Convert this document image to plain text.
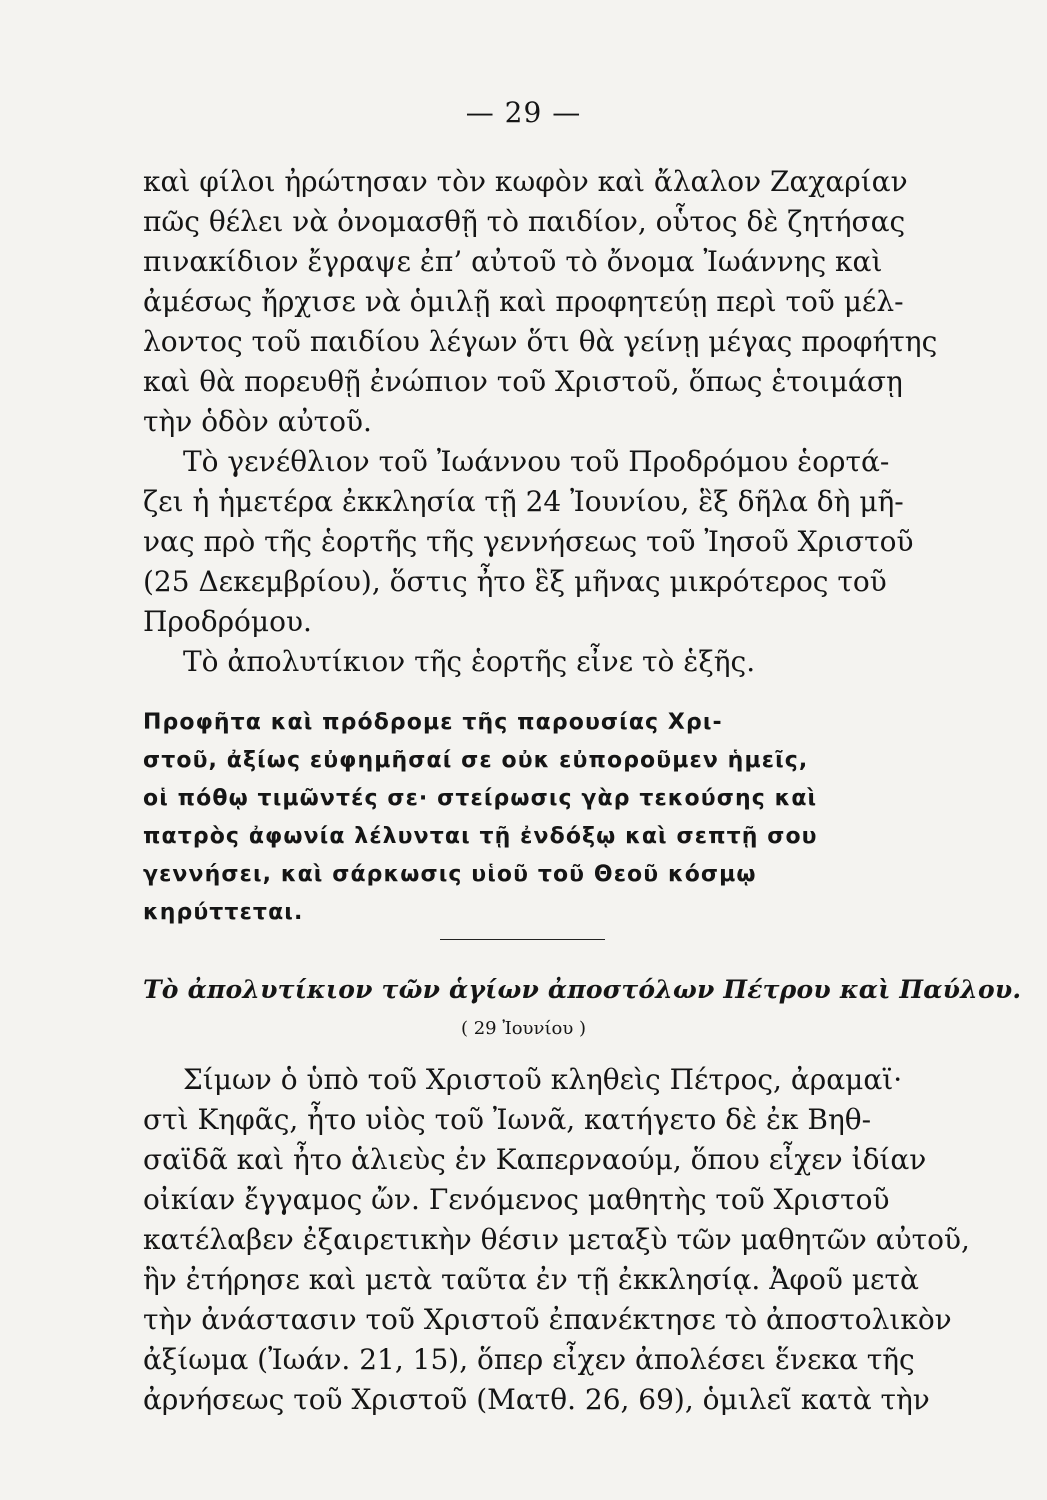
— 29 —
καὶ φίλοι ἠρώτησαν τὸν κωφὸν καὶ ἄλαλον Ζαχαρίαν
πῶς θέλει νὰ ὀνομασθῇ τὸ παιδίον, οὗτος δὲ ζητήσας
πινακίδιον ἔγραψε ἐπ’ αὐτοῦ τὸ ὄνομα Ἰωάννης καὶ
ἀμέσως ἤρχισε νὰ ὁμιλῇ καὶ προφητεύῃ περὶ τοῦ μέλ-
λοντος τοῦ παιδίου λέγων ὅτι θὰ γείνῃ μέγας προφήτης
καὶ θὰ πορευθῇ ἐνώπιον τοῦ Χριστοῦ, ὅπως ἑτοιμάσῃ
τὴν ὁδὸν αὐτοῦ.
Τὸ γενέθλιον τοῦ Ἰωάννου τοῦ Προδρόμου ἑορτά-
ζει ἡ ἡμετέρα ἐκκλησία τῇ 24 Ἰουνίου, ἓξ δῆλα δὴ μῆ-
νας πρὸ τῆς ἑορτῆς τῆς γεννήσεως τοῦ Ἰησοῦ Χριστοῦ
(25 Δεκεμβρίου), ὅστις ἦτο ἓξ μῆνας μικρότερος τοῦ
Προδρόμου.
Τὸ ἀπολυτίκιον τῆς ἑορτῆς εἶνε τὸ ἑξῆς.
Προφῆτα καὶ πρόδρομε τῆς παρουσίας Χρι-
στοῦ, ἀξίως εὐφημῆσαί σε οὐκ εὐποροῦμεν ἡμεῖς,
οἱ πόθῳ τιμῶντές σε· στείρωσις γὰρ τεκούσης καὶ
πατρὸς ἀφωνία λέλυνται τῇ ἐνδόξῳ καὶ σεπτῇ σου
γεννήσει, καὶ σάρκωσις υἱοῦ τοῦ Θεοῦ κόσμῳ
κηρύττεται.
Τὸ ἀπολυτίκιον τῶν ἁγίων ἀποστόλων Πέτρου καὶ Παύλου.
( 29 Ἰουνίου )
Σίμων ὁ ὑπὸ τοῦ Χριστοῦ κληθεὶς Πέτρος, ἀραμαϊ·
στὶ Κηφᾶς, ἦτο υἱὸς τοῦ Ἰωνᾶ, κατήγετο δὲ ἐκ Βηθ-
σαϊδᾶ καὶ ἦτο ἁλιεὺς ἐν Καπερναούμ, ὅπου εἶχεν ἰδίαν
οἰκίαν ἔγγαμος ὤν. Γενόμενος μαθητὴς τοῦ Χριστοῦ
κατέλαβεν ἐξαιρετικὴν θέσιν μεταξὺ τῶν μαθητῶν αὐτοῦ,
ἣν ἐτήρησε καὶ μετὰ ταῦτα ἐν τῇ ἐκκλησίᾳ. Ἀφοῦ μετὰ
τὴν ἀνάστασιν τοῦ Χριστοῦ ἐπανέκτησε τὸ ἀποστολικὸν
ἀξίωμα (Ἰωάν. 21, 15), ὅπερ εἶχεν ἀπολέσει ἕνεκα τῆς
ἀρνήσεως τοῦ Χριστοῦ (Ματθ. 26, 69), ὁμιλεῖ κατὰ τὴν
